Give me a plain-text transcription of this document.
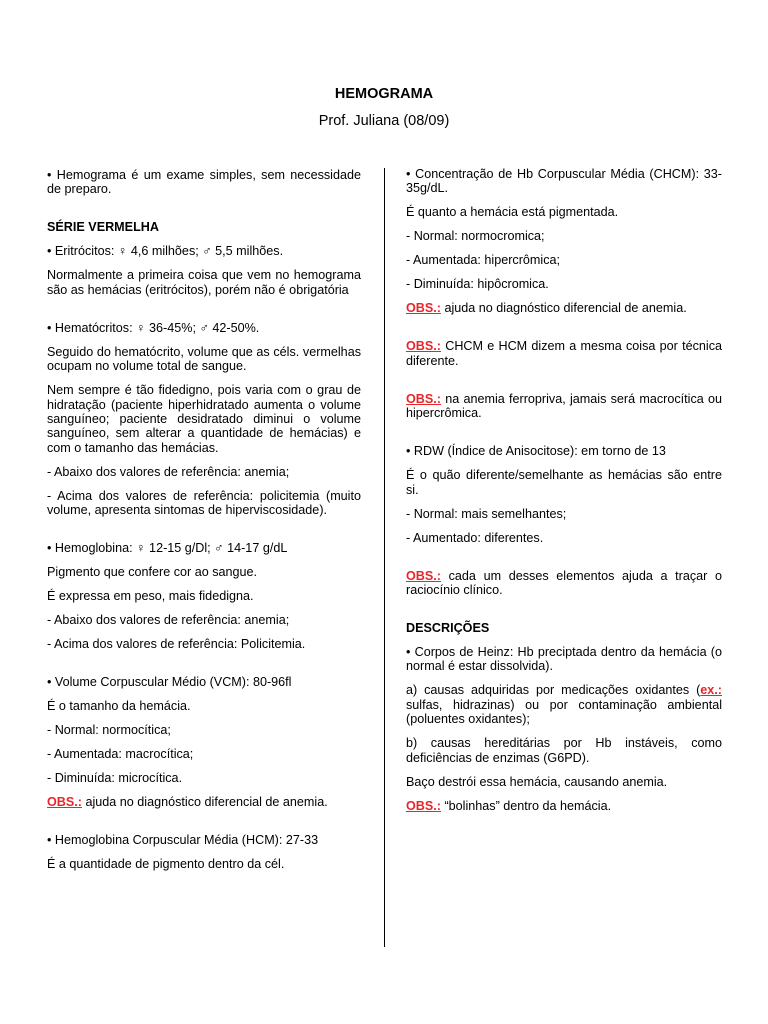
HEMOGRAMA
Prof. Juliana (08/09)

• Hemograma é um exame simples, sem necessidade de preparo.

SÉRIE VERMELHA

• Eritrócitos: ♀ 4,6 milhões; ♂ 5,5 milhões.

Normalmente a primeira coisa que vem no hemograma são as hemácias (eritrócitos), porém não é obrigatória

• Hematócritos: ♀ 36-45%; ♂ 42-50%.

Seguido do hematócrito, volume que as céls. vermelhas ocupam no volume total de sangue.

Nem sempre é tão fidedigno, pois varia com o grau de hidratação (paciente hiperhidratado aumenta o volume sanguíneo; paciente desidratado diminui o volume sanguíneo, sem alterar a quantidade de hemácias) e com o tamanho das hemácias.

- Abaixo dos valores de referência: anemia;

- Acima dos valores de referência: policitemia (muito volume, apresenta sintomas de hiperviscosidade).

• Hemoglobina: ♀ 12-15 g/Dl; ♂ 14-17 g/dL

Pigmento que confere cor ao sangue.

É expressa em peso, mais fidedigna.

- Abaixo dos valores de referência: anemia;

- Acima dos valores de referência: Policitemia.

• Volume Corpuscular Médio (VCM): 80-96fl

É o tamanho da hemácia.

- Normal: normocítica;

- Aumentada: macrocítica;

- Diminuída: microcítica.

OBS.: ajuda no diagnóstico diferencial de anemia.

• Hemoglobina Corpuscular Média (HCM): 27-33

É a quantidade de pigmento dentro da cél.

• Concentração de Hb Corpuscular Média (CHCM): 33-35g/dL.

É quanto a hemácia está pigmentada.

- Normal: normocromica;

- Aumentada: hipercrômica;

- Diminuída: hipôcromica.

OBS.: ajuda no diagnóstico diferencial de anemia.

OBS.: CHCM e HCM dizem a mesma coisa por técnica diferente.

OBS.: na anemia ferropriva, jamais será macrocítica ou hipercrômica.

• RDW (Índice de Anisocitose): em torno de 13

É o quão diferente/semelhante as hemácias são entre si.

- Normal: mais semelhantes;

- Aumentado: diferentes.

OBS.: cada um desses elementos ajuda a traçar o raciocínio clínico.

DESCRIÇÕES

• Corpos de Heinz: Hb preciptada dentro da hemácia (o normal é estar dissolvida).

a) causas adquiridas por medicações oxidantes (ex.: sulfas, hidrazinas) ou por contaminação ambiental (poluentes oxidantes);

b) causas hereditárias por Hb instáveis, como deficiências de enzimas (G6PD).

Baço destrói essa hemácia, causando anemia.

OBS.: “bolinhas” dentro da hemácia.
